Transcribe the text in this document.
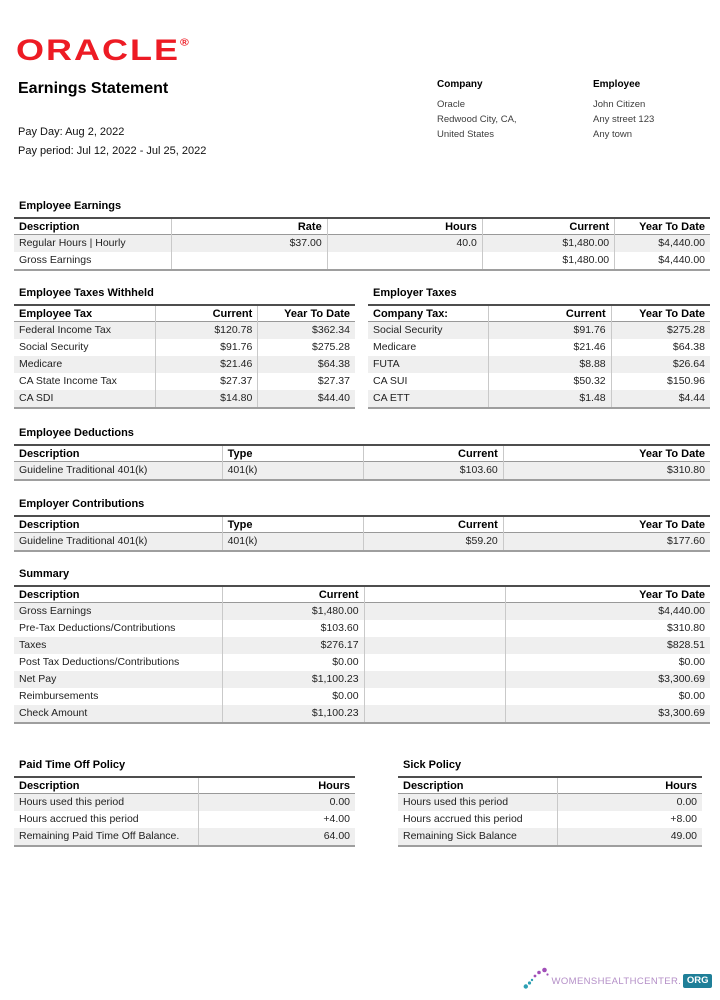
ORACLE®
Earnings Statement
Pay Day: Aug 2, 2022
Pay period: Jul 12, 2022 - Jul 25, 2022
Company
Oracle
Redwood City, CA,
United States
Employee
John Citizen
Any street 123
Any town
Employee Earnings
Description	Rate	Hours	Current	Year To Date
Regular Hours | Hourly	$37.00	40.0	$1,480.00	$4,440.00
Gross Earnings			$1,480.00	$4,440.00
Employee Taxes Withheld
Employee Tax	Current	Year To Date
Federal Income Tax	$120.78	$362.34
Social Security	$91.76	$275.28
Medicare	$21.46	$64.38
CA State Income Tax	$27.37	$27.37
CA SDI	$14.80	$44.40
Employer Taxes
Company Tax:	Current	Year To Date
Social Security	$91.76	$275.28
Medicare	$21.46	$64.38
FUTA	$8.88	$26.64
CA SUI	$50.32	$150.96
CA ETT	$1.48	$4.44
Employee Deductions
Description	Type	Current	Year To Date
Guideline Traditional 401(k)	401(k)	$103.60	$310.80
Employer Contributions
Description	Type	Current	Year To Date
Guideline Traditional 401(k)	401(k)	$59.20	$177.60
Summary
Description	Current		Year To Date
Gross Earnings	$1,480.00		$4,440.00
Pre-Tax Deductions/Contributions	$103.60		$310.80
Taxes	$276.17		$828.51
Post Tax Deductions/Contributions	$0.00		$0.00
Net Pay	$1,100.23		$3,300.69
Reimbursements	$0.00		$0.00
Check Amount	$1,100.23		$3,300.69
Paid Time Off Policy
Description	Hours
Hours used this period	0.00
Hours accrued this period	+4.00
Remaining Paid Time Off Balance.	64.00
Sick Policy
Description	Hours
Hours used this period	0.00
Hours accrued this period	+8.00
Remaining Sick Balance	49.00
WOMENSHEALTHCENTER. ORG
